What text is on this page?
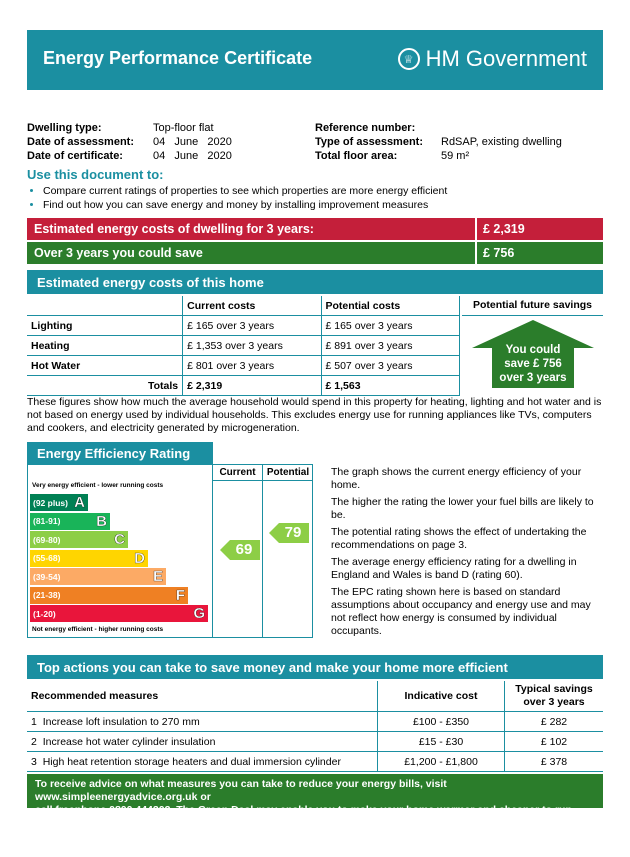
Energy Performance Certificate	♕ HM Government
Dwelling type:	Top-floor flat
Date of assessment: 04   June   2020
Date of certificate:	04   June   2020
Reference number:
Type of assessment: RdSAP, existing dwelling
Total floor area:	59 m²
Use this document to:
• Compare current ratings of properties to see which properties are more energy efficient
• Find out how you can save energy and money by installing improvement measures
Estimated energy costs of dwelling for 3 years:	£ 2,319
Over 3 years you could save	£ 756
Estimated energy costs of this home
	Current costs	Potential costs
Lighting	£ 165 over 3 years	£ 165 over 3 years
Heating	£ 1,353 over 3 years	£ 891 over 3 years
Hot Water	£ 801 over 3 years	£ 507 over 3 years
Totals	£ 2,319	£ 1,563
Potential future savings
You could
save £ 756
over 3 years
These figures show how much the average household would spend in this property for heating, lighting and hot water and is not based on energy used by individual households. This excludes energy use for running appliances like TVs, computers and cookers, and electricity generated by microgeneration.
Energy Efficiency Rating
Current	Potential
Very energy efficient - lower running costs
Not energy efficient - higher running costs
(92 plus) A
(81-91) B
(69-80)	C
(55-68)	D
(39-54)	E
(21-38)	F
(1-20)	G
69
79
The graph shows the current energy efficiency of your home.
The higher the rating the lower your fuel bills are likely to be.
The potential rating shows the effect of undertaking the recommendations on page 3.
The average energy efficiency rating for a dwelling in England and Wales is band D (rating 60).
The EPC rating shown here is based on standard assumptions about occupancy and energy use and may not reflect how energy is consumed by individual occupants.
Top actions you can take to save money and make your home more efficient
Recommended measures	Indicative cost	Typical savings
over 3 years

1 Increase loft insulation to 270 mm	£100 - £350	£ 282
2 Increase hot water cylinder insulation	£15 - £30	£ 102
3 High heat retention storage heaters and dual immersion cylinder	£1,200 - £1,800	£ 378
To receive advice on what measures you can take to reduce your energy bills, visit www.simpleenergyadvice.org.uk or
call freephone 0800 444202. The Green Deal may enable you to make your home warmer and cheaper to run.
